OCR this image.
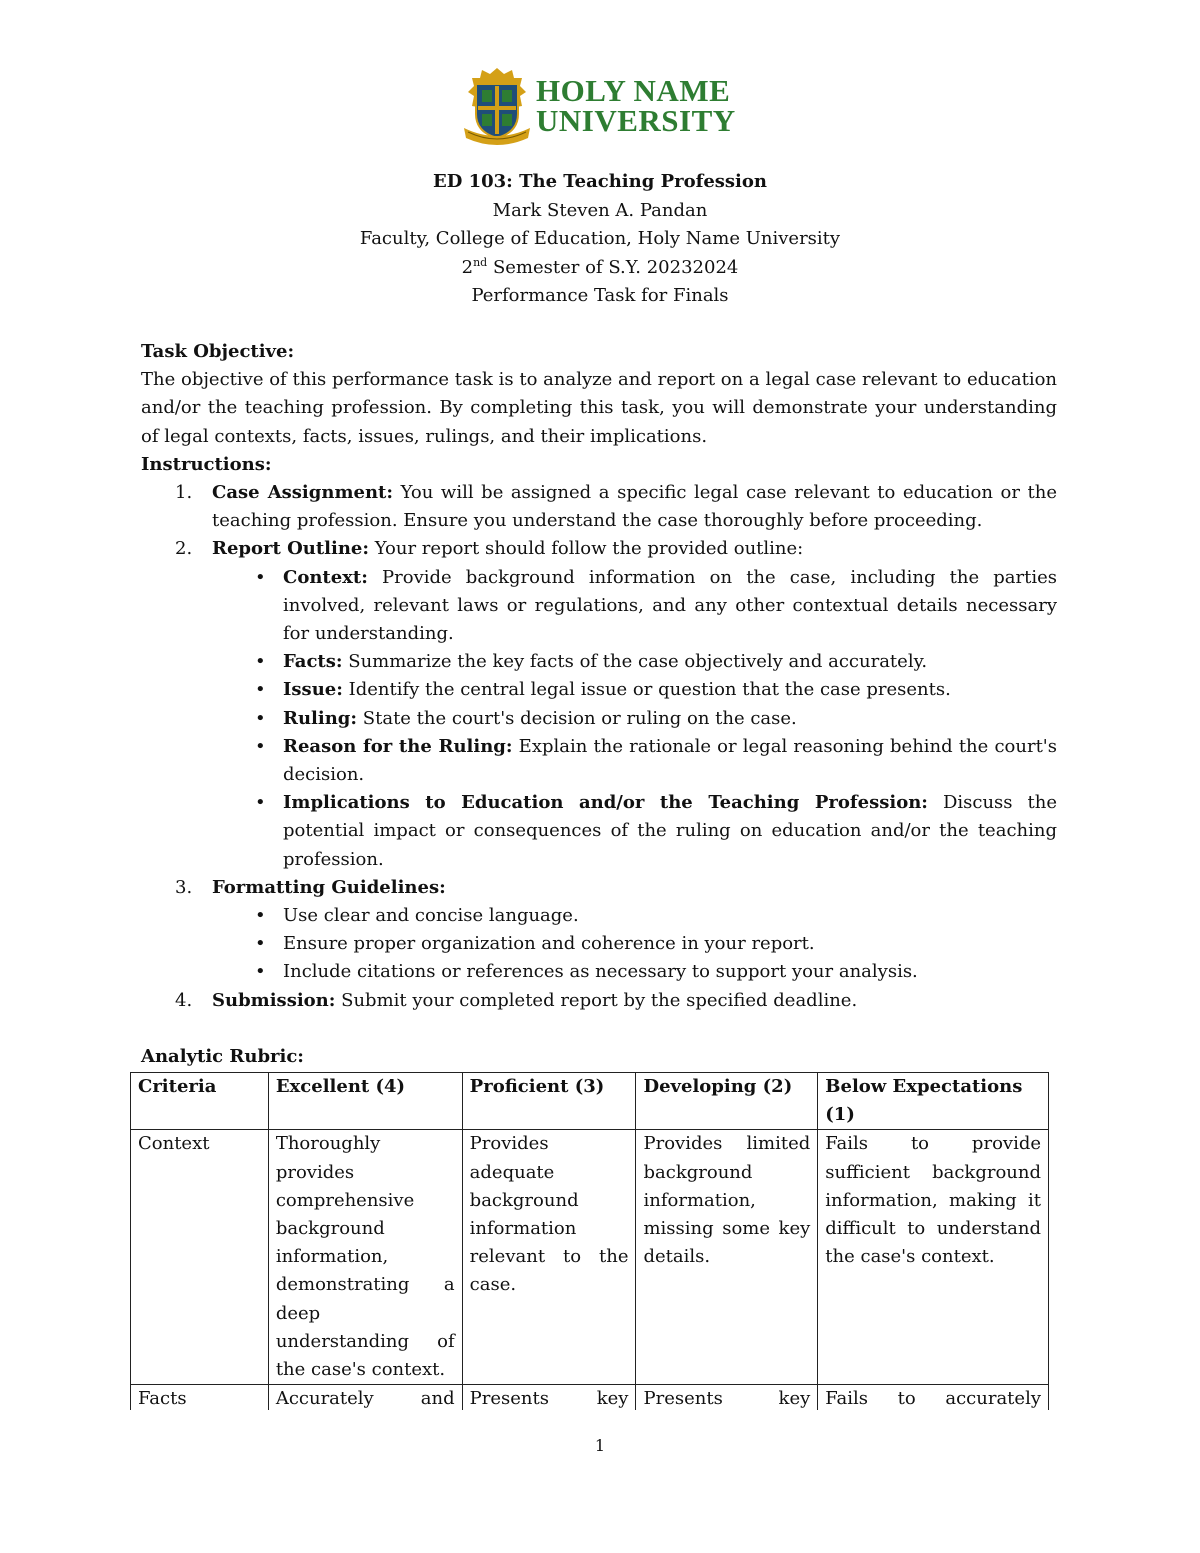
HOLY NAME
UNIVERSITY
ED 103: The Teaching Profession
Mark Steven A. Pandan
Faculty, College of Education, Holy Name University
2nd Semester of S.Y. 20232024
Performance Task for Finals
Task Objective:
The objective of this performance task is to analyze and report on a legal case relevant to education and/or the teaching profession. By completing this task, you will demonstrate your understanding of legal contexts, facts, issues, rulings, and their implications.
Instructions:
1. Case Assignment: You will be assigned a specific legal case relevant to education or the teaching profession. Ensure you understand the case thoroughly before proceeding.
2. Report Outline: Your report should follow the provided outline:
• Context: Provide background information on the case, including the parties involved, relevant laws or regulations, and any other contextual details necessary for understanding.
• Facts: Summarize the key facts of the case objectively and accurately.
• Issue: Identify the central legal issue or question that the case presents.
• Ruling: State the court's decision or ruling on the case.
• Reason for the Ruling: Explain the rationale or legal reasoning behind the court's decision.
• Implications to Education and/or the Teaching Profession: Discuss the potential impact or consequences of the ruling on education and/or the teaching profession.
3. Formatting Guidelines:
• Use clear and concise language.
• Ensure proper organization and coherence in your report.
• Include citations or references as necessary to support your analysis.
4. Submission: Submit your completed report by the specified deadline.
Analytic Rubric:
Criteria	Excellent (4)	Proficient (3)	Developing (2)	Below Expectations (1)
Context	Thoroughly provides comprehensive background information, demonstrating a deep understanding of the case's context.	Provides adequate background information relevant to the case.	Provides limited background information, missing some key details.	Fails to provide sufficient background information, making it difficult to understand the case's context.
Facts	Accurately and	Presents key	Presents key	Fails to accurately
1
